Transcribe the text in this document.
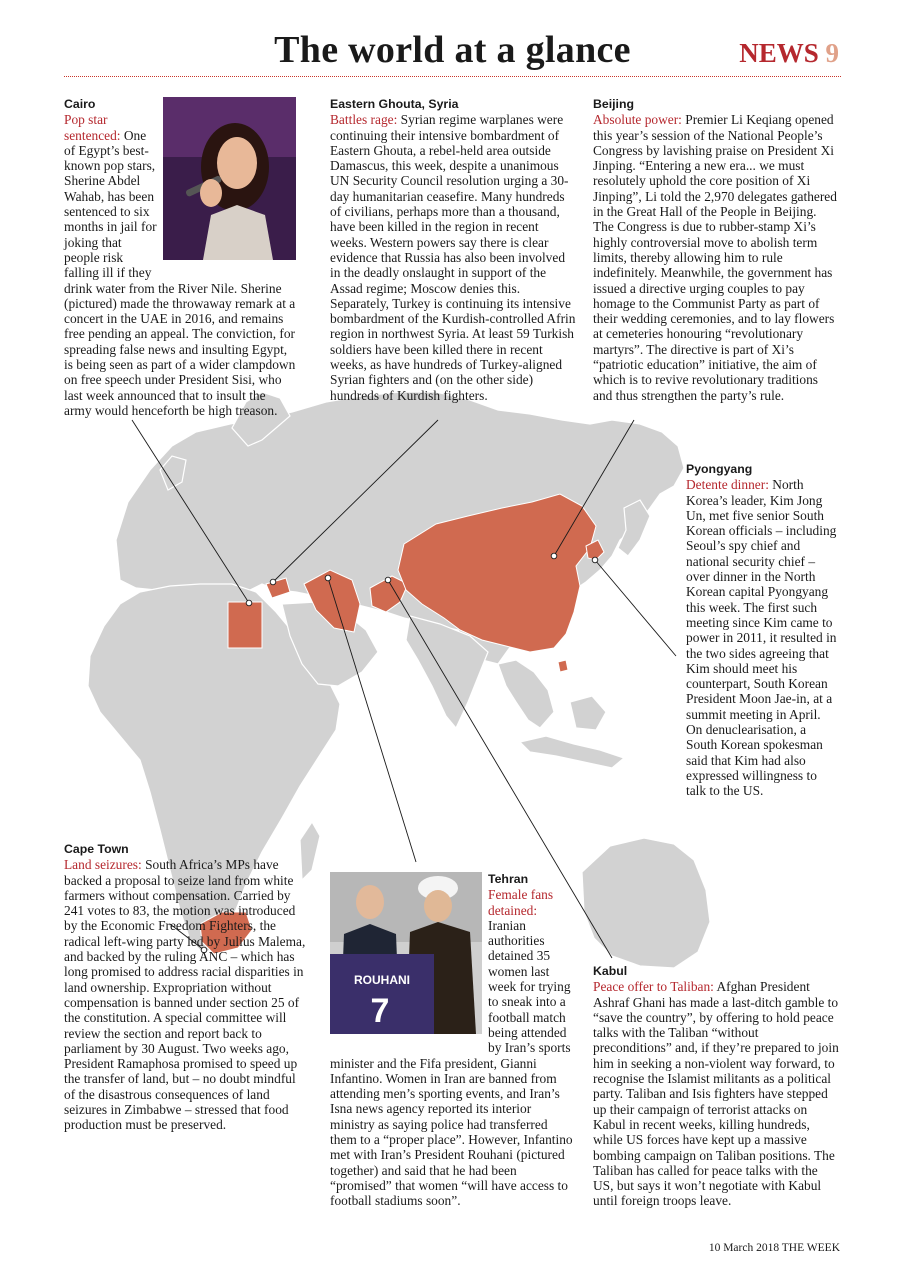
The world at a glance	NEWS 9
Cairo
Pop star sentenced: One of Egypt’s best-known pop stars, Sherine Abdel Wahab, has been sentenced to six months in jail for joking that people risk falling ill if they drink water from the River Nile. Sherine (pictured) made the throwaway remark at a concert in the UAE in 2016, and remains free pending an appeal. The conviction, for spreading false news and insulting Egypt, is being seen as part of a wider clampdown on free speech under President Sisi, who last week announced that to insult the army would henceforth be high treason.
Eastern Ghouta, Syria
Battles rage: Syrian regime warplanes were continuing their intensive bombardment of Eastern Ghouta, a rebel-held area outside Damascus, this week, despite a unanimous UN Security Council resolution urging a 30-day humanitarian ceasefire. Many hundreds of civilians, perhaps more than a thousand, have been killed in the region in recent weeks. Western powers say there is clear evidence that Russia has also been involved in the deadly onslaught in support of the Assad regime; Moscow denies this. Separately, Turkey is continuing its intensive bombardment of the Kurdish-controlled Afrin region in northwest Syria. At least 59 Turkish soldiers have been killed there in recent weeks, as have hundreds of Turkey-aligned Syrian fighters and (on the other side) hundreds of Kurdish fighters.
Beijing
Absolute power: Premier Li Keqiang opened this year’s session of the National People’s Congress by lavishing praise on President Xi Jinping. “Entering a new era... we must resolutely uphold the core position of Xi Jinping”, Li told the 2,970 delegates gathered in the Great Hall of the People in Beijing. The Congress is due to rubber-stamp Xi’s highly controversial move to abolish term limits, thereby allowing him to rule indefinitely. Meanwhile, the government has issued a directive urging couples to pay homage to the Communist Party as part of their wedding ceremonies, and to lay flowers at cemeteries honouring “revolutionary martyrs”. The directive is part of Xi’s “patriotic education” initiative, the aim of which is to revive revolutionary traditions and thus strengthen the party’s rule.
Pyongyang
Detente dinner: North Korea’s leader, Kim Jong Un, met five senior South Korean officials – including Seoul’s spy chief and national security chief – over dinner in the North Korean capital Pyongyang this week. The first such meeting since Kim came to power in 2011, it resulted in the two sides agreeing that Kim should meet his counterpart, South Korean President Moon Jae-in, at a summit meeting in April. On denuclearisation, a South Korean spokesman said that Kim had also expressed willingness to talk to the US.
Cape Town
Land seizures: South Africa’s MPs have backed a proposal to seize land from white farmers without compensation. Carried by 241 votes to 83, the motion was introduced by the Economic Freedom Fighters, the radical left-wing party led by Julius Malema, and backed by the ruling ANC – which has long promised to address racial disparities in land ownership. Expropriation without compensation is banned under section 25 of the constitution. A special committee will review the section and report back to parliament by 30 August. Two weeks ago, President Ramaphosa promised to speed up the transfer of land, but – no doubt mindful of the disastrous consequences of land seizures in Zimbabwe – stressed that food production must be preserved.
ROUHANI
7
Tehran
Female fans detained: Iranian authorities detained 35 women last week for trying to sneak into a football match being attended by Iran’s sports minister and the Fifa president, Gianni Infantino. Women in Iran are banned from attending men’s sporting events, and Iran’s Isna news agency reported its interior ministry as saying police had transferred them to a “proper place”. However, Infantino met with Iran’s President Rouhani (pictured together) and said that he had been “promised” that women “will have access to football stadiums soon”.
Kabul
Peace offer to Taliban: Afghan President Ashraf Ghani has made a last-ditch gamble to “save the country”, by offering to hold peace talks with the Taliban “without preconditions” and, if they’re prepared to join him in seeking a non-violent way forward, to recognise the Islamist militants as a political party. Taliban and Isis fighters have stepped up their campaign of terrorist attacks on Kabul in recent weeks, killing hundreds, while US forces have kept up a massive bombing campaign on Taliban positions. The Taliban has called for peace talks with the US, but says it won’t negotiate with Kabul until foreign troops leave.
10 March 2018 THE WEEK
